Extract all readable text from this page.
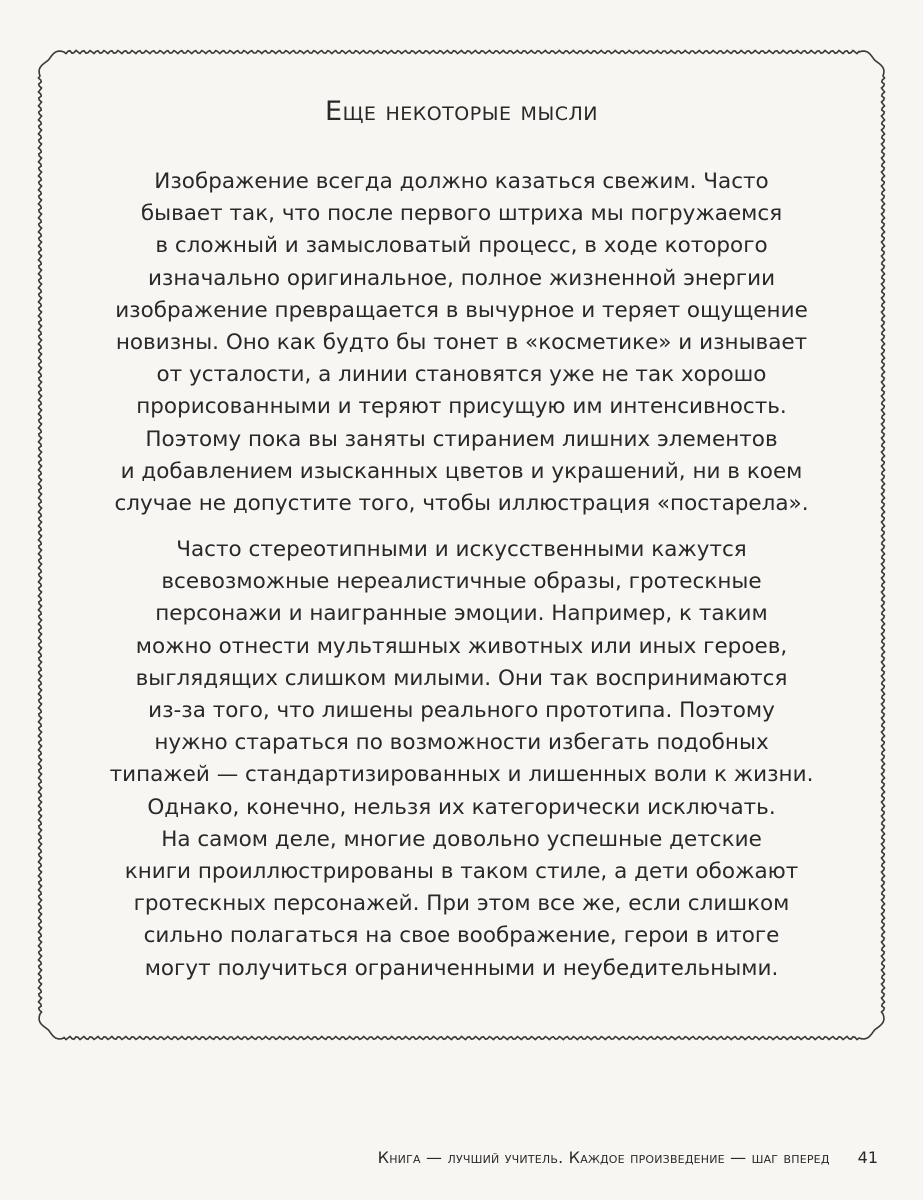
Еще некоторые мысли
Изображение всегда должно казаться свежим. Часто
бывает так, что после первого штриха мы погружаемся
в сложный и замысловатый процесс, в ходе которого
изначально оригинальное, полное жизненной энергии
изображение превращается в вычурное и теряет ощущение
новизны. Оно как будто бы тонет в «косметике» и изнывает
от усталости, а линии становятся уже не так хорошо
прорисованными и теряют присущую им интенсивность.
Поэтому пока вы заняты стиранием лишних элементов
и добавлением изысканных цветов и украшений, ни в коем
случае не допустите того, чтобы иллюстрация «постарела».
Часто стереотипными и искусственными кажутся
всевозможные нереалистичные образы, гротескные
персонажи и наигранные эмоции. Например, к таким
можно отнести мультяшных животных или иных героев,
выглядящих слишком милыми. Они так воспринимаются
из-за того, что лишены реального прототипа. Поэтому
нужно стараться по возможности избегать подобных
типажей — стандартизированных и лишенных воли к жизни.
Однако, конечно, нельзя их категорически исключать.
На самом деле, многие довольно успешные детские
книги проиллюстрированы в таком стиле, а дети обожают
гротескных персонажей. При этом все же, если слишком
сильно полагаться на свое воображение, герои в итоге
могут получиться ограниченными и неубедительными.
Книга — лучший учитель. Каждое произведение — шаг вперед 41
